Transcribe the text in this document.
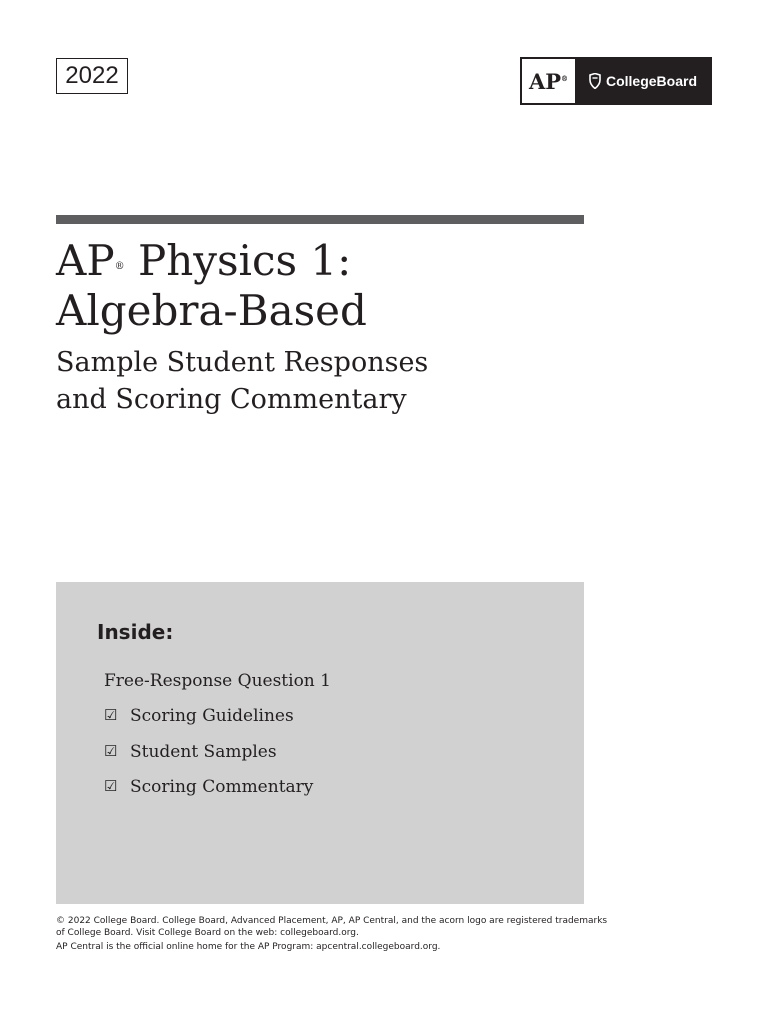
2022	AP®	CollegeBoard
AP® Physics 1:
Algebra-Based
Sample Student Responses
and Scoring Commentary
Inside:
Free-Response Question 1
☑ Scoring Guidelines
☑ Student Samples
☑ Scoring Commentary

© 2022 College Board. College Board, Advanced Placement, AP, AP Central, and the acorn logo are registered trademarks of College Board. Visit College Board on the web: collegeboard.org.

AP Central is the official online home for the AP Program: apcentral.collegeboard.org.
